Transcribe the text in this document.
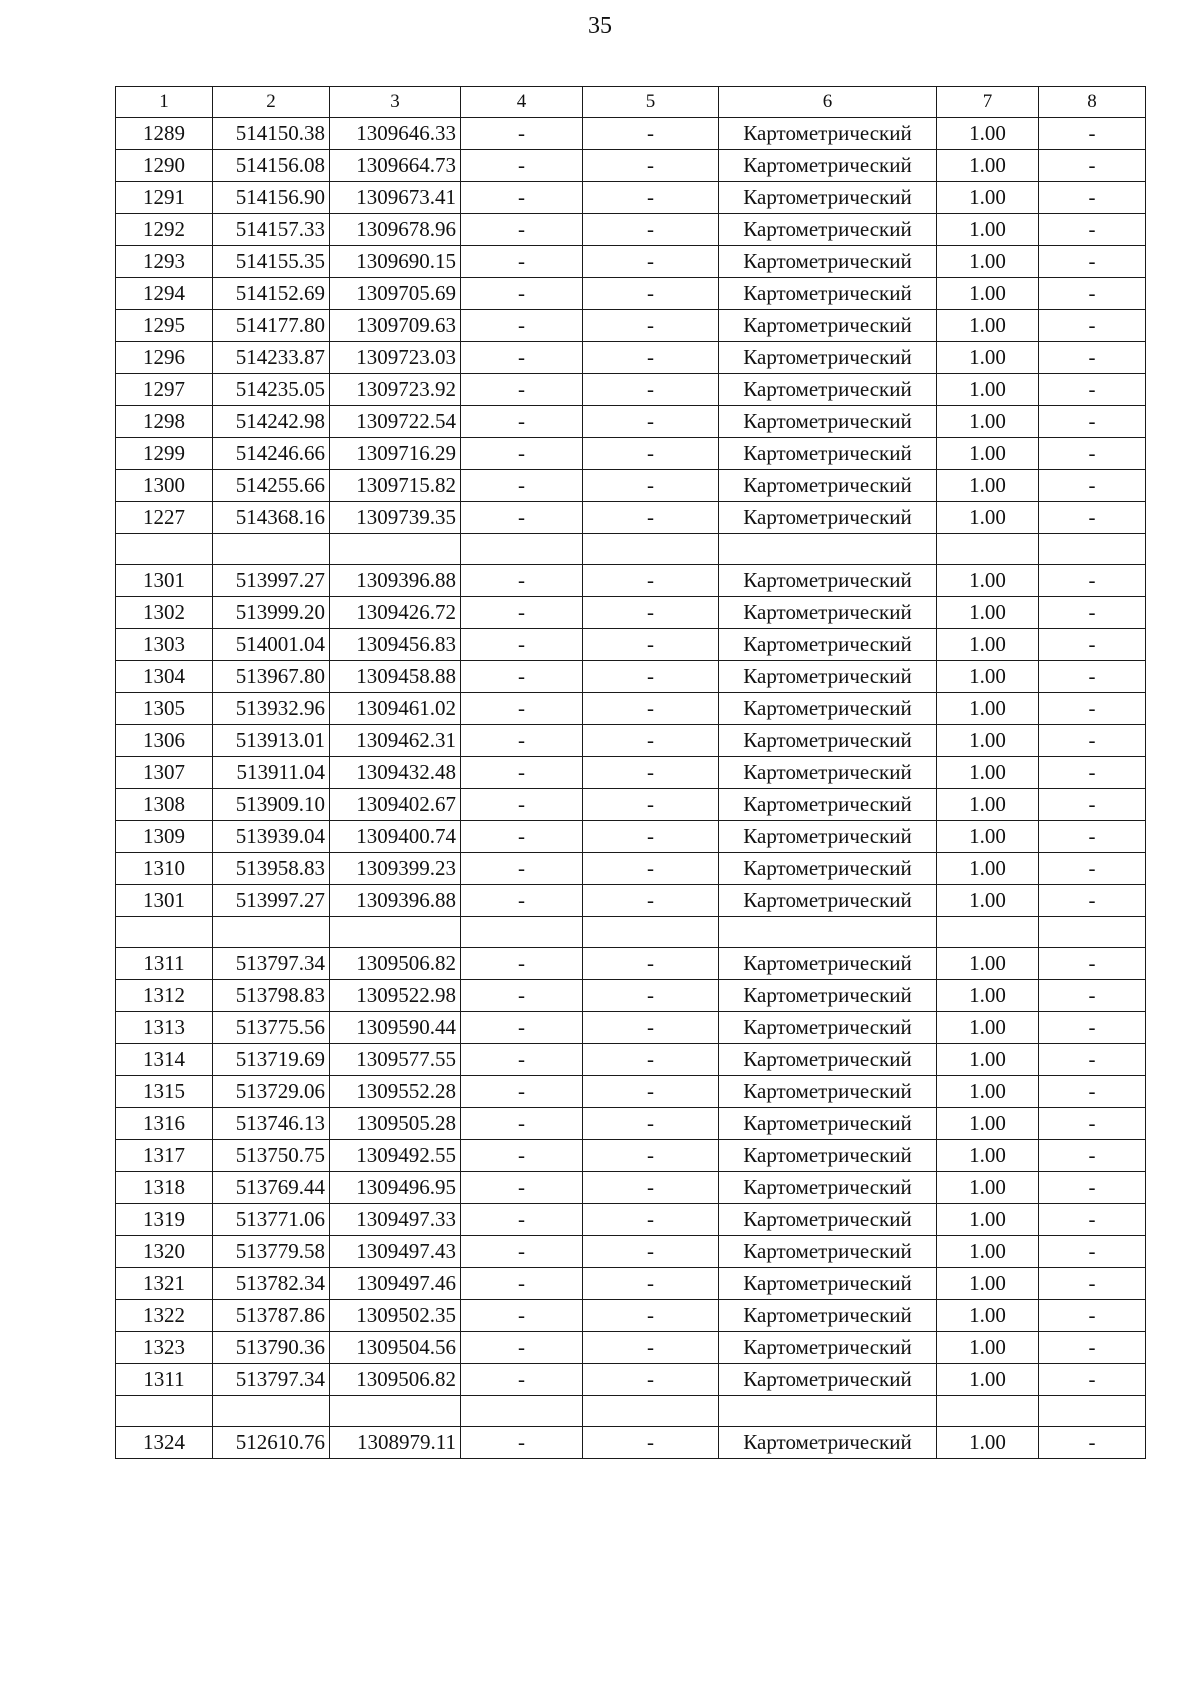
35
1	2	3	4	5	6	7	8
1289	514150.38	1309646.33	-	-	Картометрический	1.00	-
1290	514156.08	1309664.73	-	-	Картометрический	1.00	-
1291	514156.90	1309673.41	-	-	Картометрический	1.00	-
1292	514157.33	1309678.96	-	-	Картометрический	1.00	-
1293	514155.35	1309690.15	-	-	Картометрический	1.00	-
1294	514152.69	1309705.69	-	-	Картометрический	1.00	-
1295	514177.80	1309709.63	-	-	Картометрический	1.00	-
1296	514233.87	1309723.03	-	-	Картометрический	1.00	-
1297	514235.05	1309723.92	-	-	Картометрический	1.00	-
1298	514242.98	1309722.54	-	-	Картометрический	1.00	-
1299	514246.66	1309716.29	-	-	Картометрический	1.00	-
1300	514255.66	1309715.82	-	-	Картометрический	1.00	-
1227	514368.16	1309739.35	-	-	Картометрический	1.00	-

1301	513997.27	1309396.88	-	-	Картометрический	1.00	-
1302	513999.20	1309426.72	-	-	Картометрический	1.00	-
1303	514001.04	1309456.83	-	-	Картометрический	1.00	-
1304	513967.80	1309458.88	-	-	Картометрический	1.00	-
1305	513932.96	1309461.02	-	-	Картометрический	1.00	-
1306	513913.01	1309462.31	-	-	Картометрический	1.00	-
1307	513911.04	1309432.48	-	-	Картометрический	1.00	-
1308	513909.10	1309402.67	-	-	Картометрический	1.00	-
1309	513939.04	1309400.74	-	-	Картометрический	1.00	-
1310	513958.83	1309399.23	-	-	Картометрический	1.00	-
1301	513997.27	1309396.88	-	-	Картометрический	1.00	-

1311	513797.34	1309506.82	-	-	Картометрический	1.00	-
1312	513798.83	1309522.98	-	-	Картометрический	1.00	-
1313	513775.56	1309590.44	-	-	Картометрический	1.00	-
1314	513719.69	1309577.55	-	-	Картометрический	1.00	-
1315	513729.06	1309552.28	-	-	Картометрический	1.00	-
1316	513746.13	1309505.28	-	-	Картометрический	1.00	-
1317	513750.75	1309492.55	-	-	Картометрический	1.00	-
1318	513769.44	1309496.95	-	-	Картометрический	1.00	-
1319	513771.06	1309497.33	-	-	Картометрический	1.00	-
1320	513779.58	1309497.43	-	-	Картометрический	1.00	-
1321	513782.34	1309497.46	-	-	Картометрический	1.00	-
1322	513787.86	1309502.35	-	-	Картометрический	1.00	-
1323	513790.36	1309504.56	-	-	Картометрический	1.00	-
1311	513797.34	1309506.82	-	-	Картометрический	1.00	-

1324	512610.76	1308979.11	-	-	Картометрический	1.00	-
